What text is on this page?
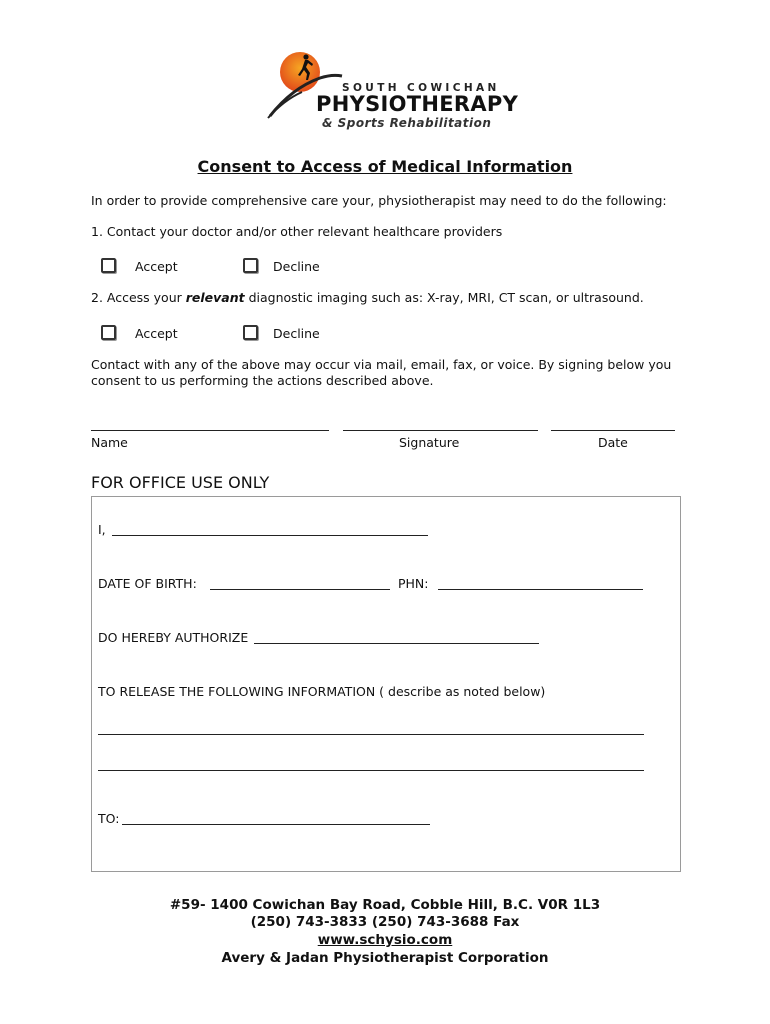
SOUTH COWICHAN
PHYSIOTHERAPY
& Sports Rehabilitation
Consent to Access of Medical Information
In order to provide comprehensive care your, physiotherapist may need to do the following:
1. Contact your doctor and/or other relevant healthcare providers
Accept	Decline
2. Access your relevant diagnostic imaging such as: X-ray, MRI, CT scan, or ultrasound.
Accept	Decline
Contact with any of the above may occur via mail, email, fax, or voice. By signing below you
consent to us performing the actions described above.
Name	Signature	Date
FOR OFFICE USE ONLY
I,
DATE OF BIRTH:	PHN:
DO HEREBY AUTHORIZE
TO RELEASE THE FOLLOWING INFORMATION ( describe as noted below)
TO:
#59- 1400 Cowichan Bay Road, Cobble Hill, B.C. V0R 1L3
(250) 743-3833 (250) 743-3688 Fax
www.schysio.com
Avery & Jadan Physiotherapist Corporation
